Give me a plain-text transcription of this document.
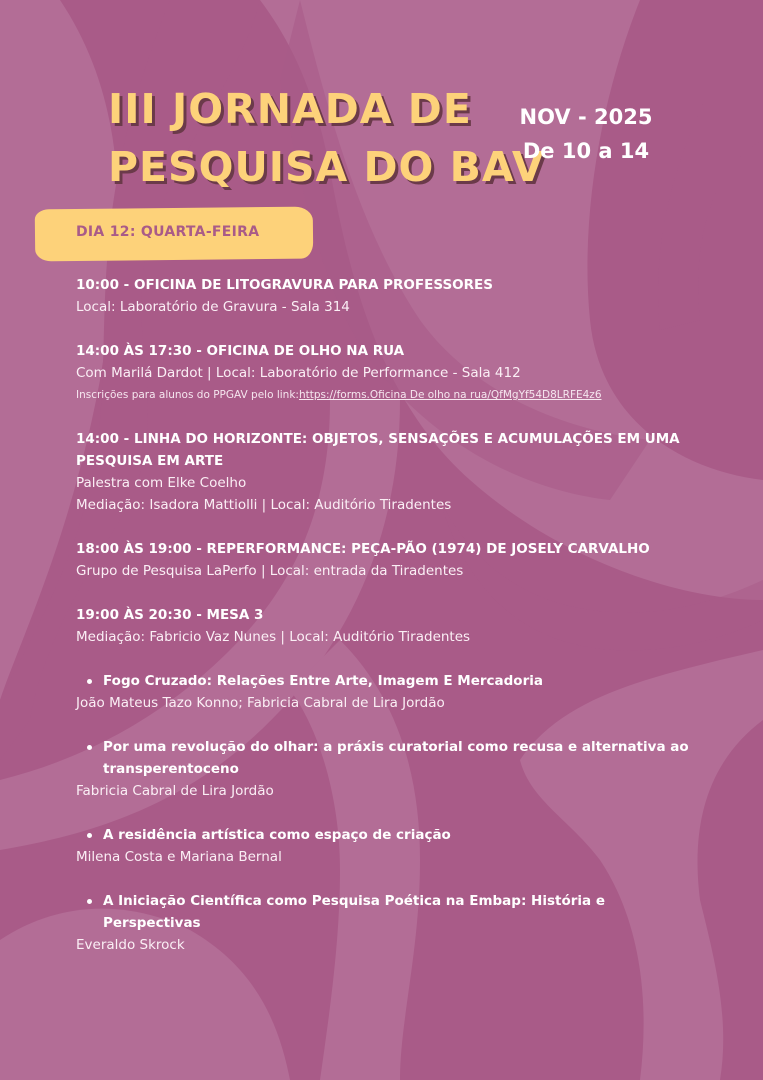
III JORNADA DE
PESQUISA DO BAV
NOV - 2025
De 10 a 14
DIA 12: QUARTA-FEIRA

10:00 - OFICINA DE LITOGRAVURA PARA PROFESSORES

Local: Laboratório de Gravura - Sala 314

14:00 ÀS 17:30 - OFICINA DE OLHO NA RUA

Com Marilá Dardot | Local: Laboratório de Performance - Sala 412

Inscrições para alunos do PPGAV pelo link:https://forms.Oficina De olho na rua/QfMgYf54D8LRFE4z6

14:00 - LINHA DO HORIZONTE: OBJETOS, SENSAÇÕES E ACUMULAÇÕES EM UMA PESQUISA EM ARTE

Palestra com Elke Coelho

Mediação: Isadora Mattiolli | Local: Auditório Tiradentes

18:00 ÀS 19:00 - REPERFORMANCE: PEÇA-PÃO (1974) DE JOSELY CARVALHO

Grupo de Pesquisa LaPerfo | Local: entrada da Tiradentes

19:00 ÀS 20:30 - MESA 3

Mediação: Fabricio Vaz Nunes | Local: Auditório Tiradentes

Fogo Cruzado: Relações Entre Arte, Imagem E Mercadoria

João Mateus Tazo Konno; Fabricia Cabral de Lira Jordão

Por uma revolução do olhar: a práxis curatorial como recusa e alternativa ao transperentoceno

Fabricia Cabral de Lira Jordão

A residência artística como espaço de criação

Milena Costa e Mariana Bernal

A Iniciação Científica como Pesquisa Poética na Embap: História e Perspectivas

Everaldo Skrock
